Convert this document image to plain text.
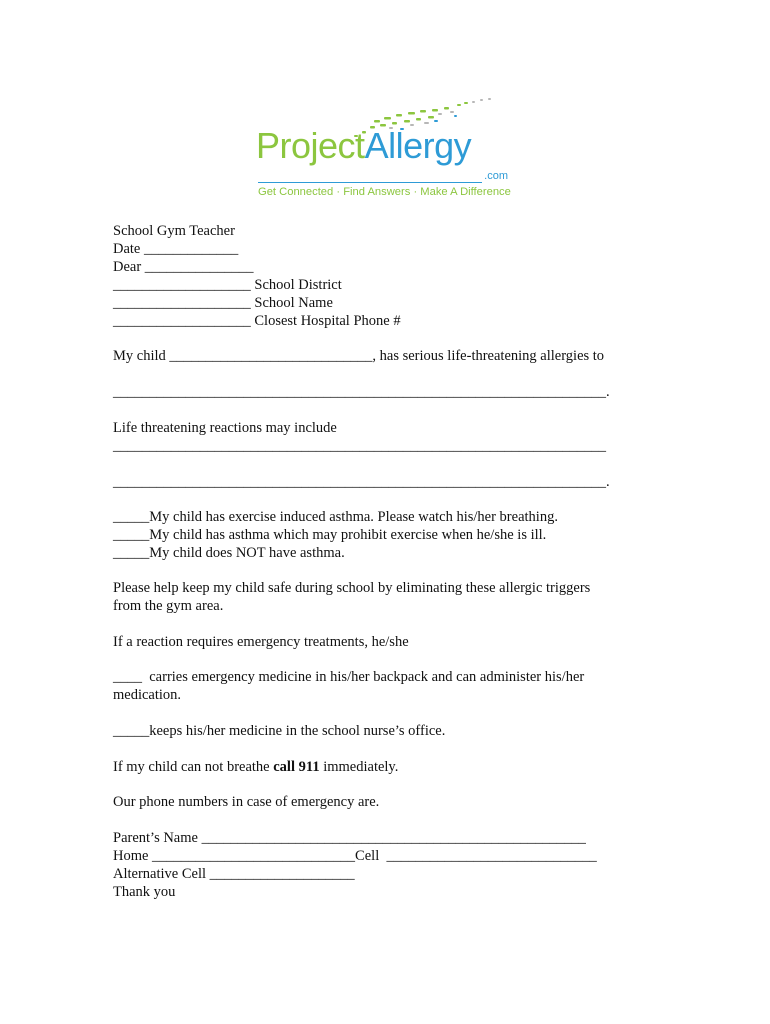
ProjectAllergy
.com
Get Connected · Find Answers · Make A Difference
School Gym Teacher
Date _____________
Dear _______________
___________________ School District
___________________ School Name
___________________ Closest Hospital Phone #
My child ____________________________, has serious life-threatening allergies to
____________________________________________________________________.
Life threatening reactions may include
____________________________________________________________________
____________________________________________________________________.
_____My child has exercise induced asthma. Please watch his/her breathing.
_____My child has asthma which may prohibit exercise when he/she is ill.
_____My child does NOT have asthma.
Please help keep my child safe during school by eliminating these allergic triggers
from the gym area.
If a reaction requires emergency treatments, he/she
____  carries emergency medicine in his/her backpack and can administer his/her
medication.
_____keeps his/her medicine in the school nurse’s office.
If my child can not breathe call 911 immediately.
Our phone numbers in case of emergency are.
Parent’s Name _____________________________________________________
Home ____________________________Cell  _____________________________
Alternative Cell ____________________
Thank you
